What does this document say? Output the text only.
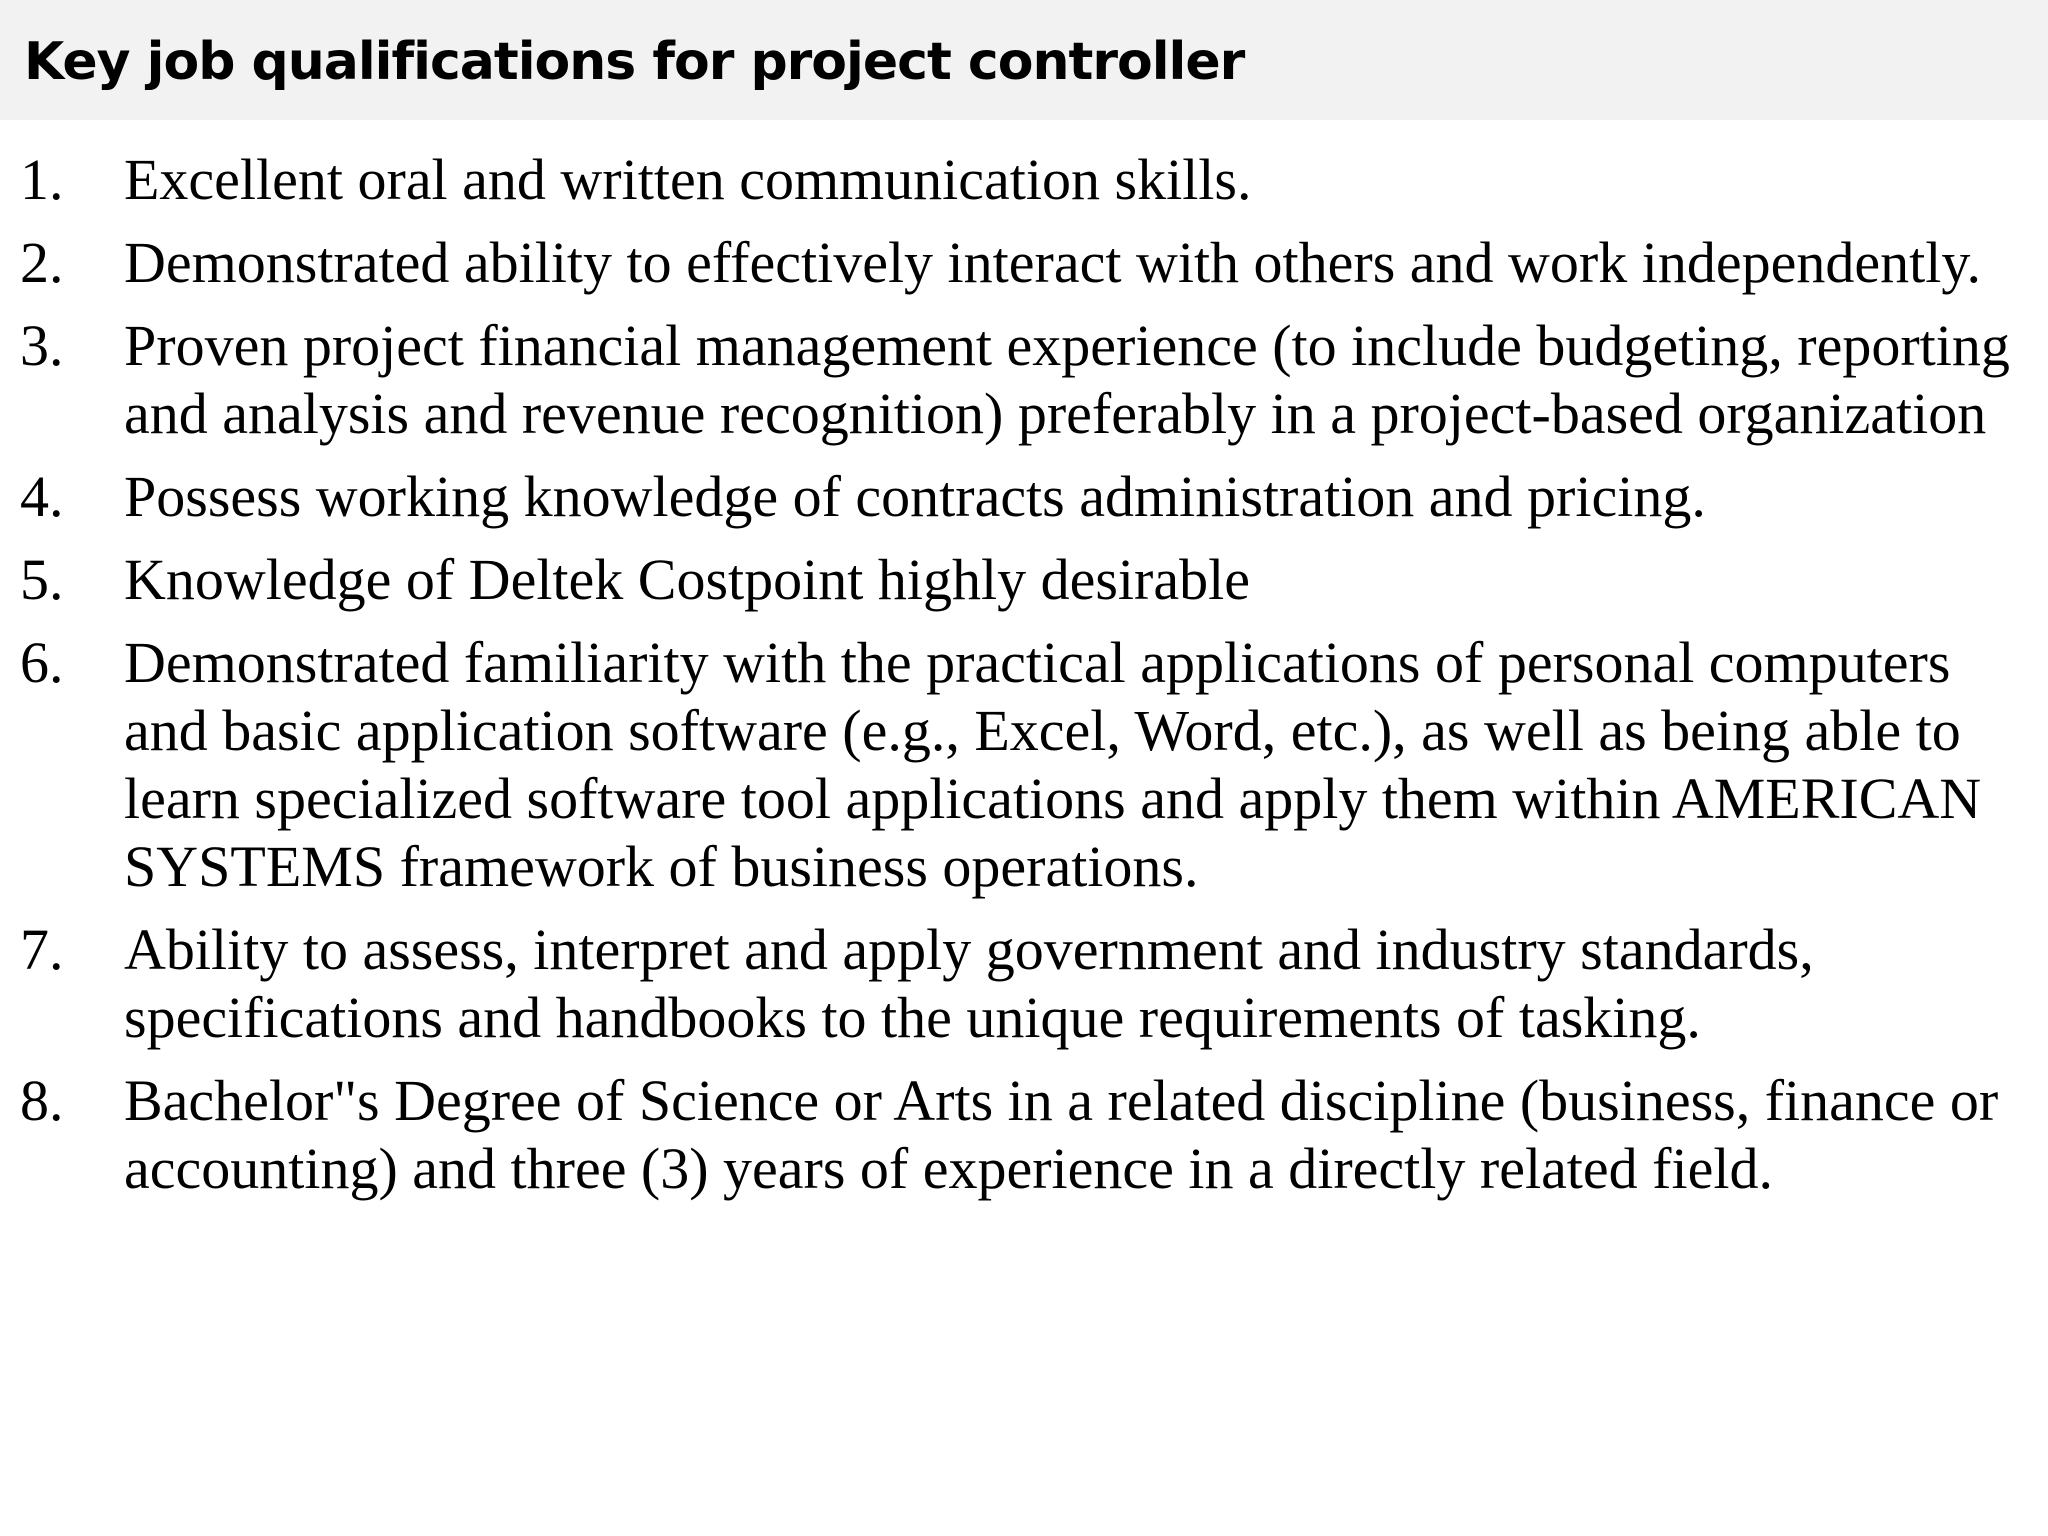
Key job qualifications for project controller
1. Excellent oral and written communication skills.
2. Demonstrated ability to effectively interact with others and work independently.
3. Proven project financial management experience (to include budgeting, reporting and analysis and revenue recognition) preferably in a project-based organization
4. Possess working knowledge of contracts administration and pricing.
5. Knowledge of Deltek Costpoint highly desirable
6. Demonstrated familiarity with the practical applications of personal computers and basic application software (e.g., Excel, Word, etc.), as well as being able to learn specialized software tool applications and apply them within AMERICAN SYSTEMS framework of business operations.
7. Ability to assess, interpret and apply government and industry standards, specifications and handbooks to the unique requirements of tasking.
8. Bachelor"s Degree of Science or Arts in a related discipline (business, finance or accounting) and three (3) years of experience in a directly related field.
